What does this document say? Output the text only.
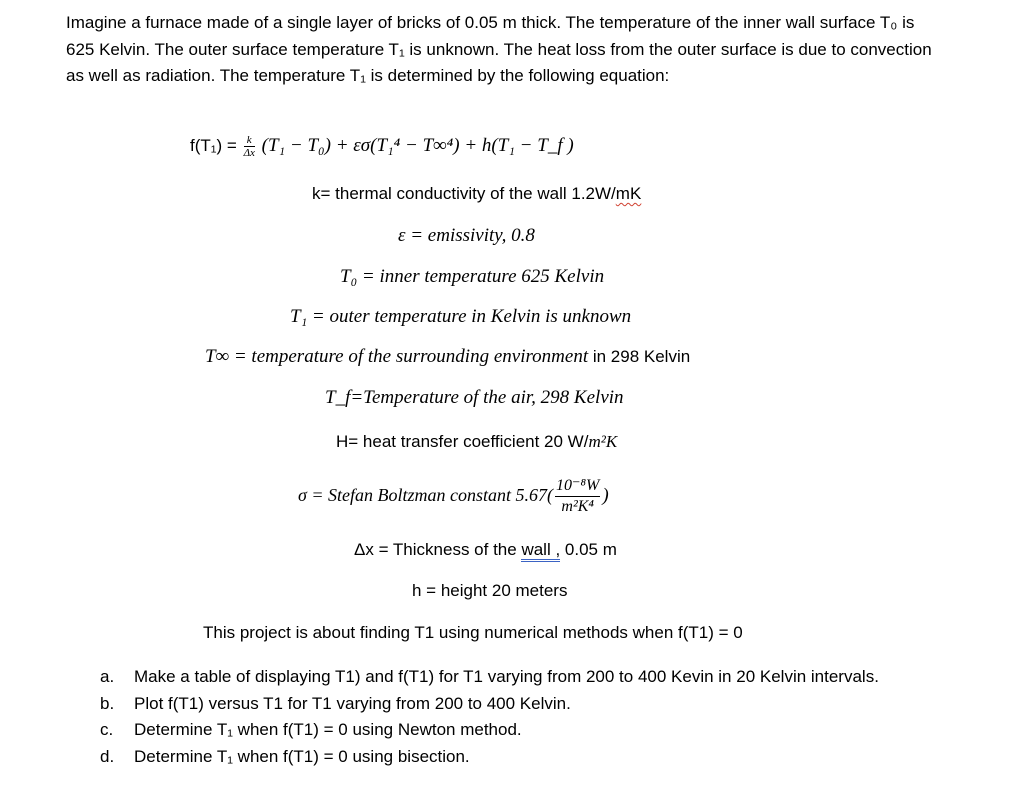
Imagine a furnace made of a single layer of bricks of 0.05 m thick. The temperature of the inner wall surface T₀ is 625 Kelvin. The outer surface temperature T₁ is unknown. The heat loss from the outer surface is due to convection as well as radiation. The temperature T₁ is determined by the following equation:
$f(T_1) = \frac{k}{\Delta x} (T_1 - T_0) + \varepsilon\sigma(T_1^4 - T\infty^4) + h(T_1$ − T_f )
k= thermal conductivity of the wall 1.2W/mK
ε = emissivity, 0.8
T₀ = inner temperature 625 Kelvin
T₁ = outer temperature in Kelvin is unknown
T∞ = temperature of the surrounding environment in 298 Kelvin
T_f=Temperature of the air, 298 Kelvin
H= heat transfer coefficient 20 W/m²K
σ = Stefan Boltzman constant $5.67( \frac{\text{10⁻⁸W}}{\text{m²K⁴}}$ )
Δx = Thickness of the wall , 0.05 m
h = height 20 meters
This project is about finding T1 using numerical methods when f(T1) = 0
a. Make a table of displaying T1) and f(T1) for T1 varying from 200 to 400 Kevin in 20 Kelvin intervals.
b. Plot f(T1) versus T1 for T1 varying from 200 to 400 Kelvin.
c. Determine T₁ when f(T1) = 0 using Newton method.
d. Determine T₁ when f(T1) = 0 using bisection.
